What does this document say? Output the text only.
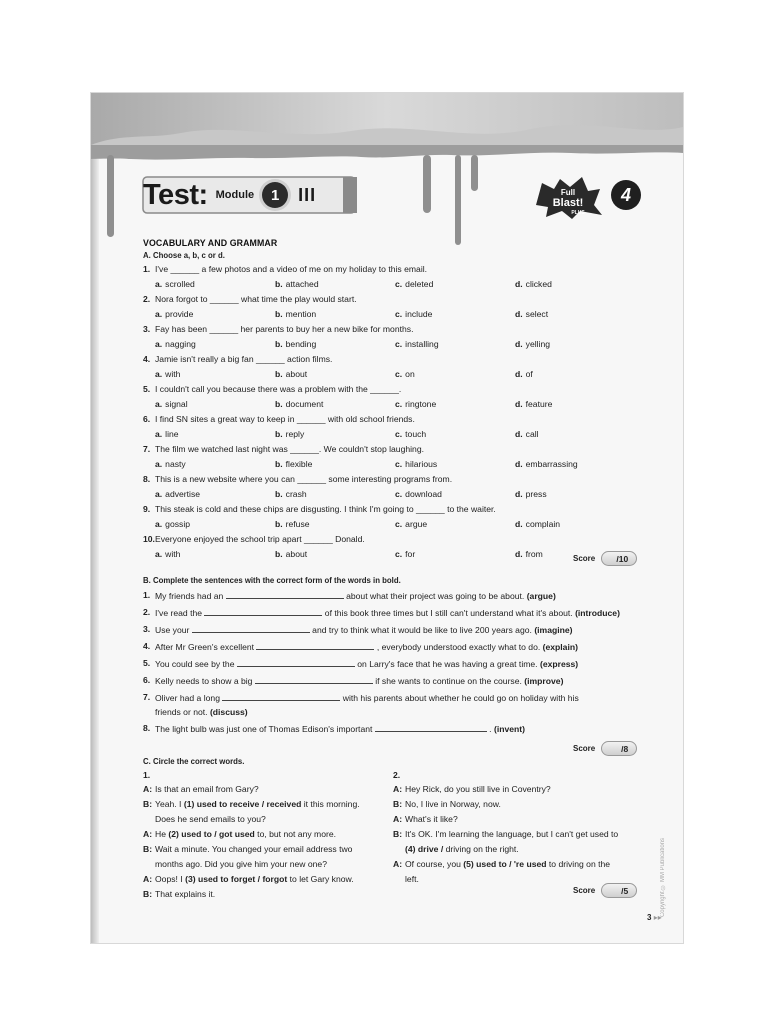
Test: Module	1	III	Full
Blast!
PLUS
4
VOCABULARY AND GRAMMAR
A. Choose a, b, c or d.
1. I've ______ a few photos and a video of me on my holiday to this email.
a. scrolled	b. attached	c. deleted	d. clicked
2. Nora forgot to ______ what time the play would start.
a. provide	b. mention	c. include	d. select
3. Fay has been ______ her parents to buy her a new bike for months.
a. nagging	b. bending	c. installing	d. yelling
4. Jamie isn't really a big fan ______ action films.
a. with	b. about	c. on	d. of
5. I couldn't call you because there was a problem with the ______.
a. signal	b. document	c. ringtone	d. feature
6. I find SN sites a great way to keep in ______ with old school friends.
a. line	b. reply	c. touch	d. call
7. The film we watched last night was ______. We couldn't stop laughing.
a. nasty	b. flexible	c. hilarious	d. embarrassing
8. This is a new website where you can ______ some interesting programs from.
a. advertise	b. crash	c. download	d. press
9. This steak is cold and these chips are disgusting. I think I'm going to ______ to the waiter.
a. gossip	b. refuse	c. argue	d. complain
10. Everyone enjoyed the school trip apart ______ Donald.
a. with	b. about	c. for	d. from
B. Complete the sentences with the correct form of the words in bold.
1. My friends had an	about what their project was going to be about. (argue)
2. I've read the	of this book three times but I still can't understand what it's about. (introduce)
3. Use your	and try to think what it would be like to live 200 years ago. (imagine)
4. After Mr Green's excellent	, everybody understood exactly what to do. (explain)
5. You could see by the	on Larry's face that he was having a great time. (express)
6. Kelly needs to show a big	if she wants to continue on the course. (improve)
7. Oliver had a long	with his parents about whether he could go on holiday with his
friends or not. (discuss)
8. The light bulb was just one of Thomas Edison's important	. (invent)
C. Circle the correct words.
1.
A: Is that an email from Gary?
B: Yeah. I (1) used to receive / received it this morning.
Does he send emails to you?
A: He (2) used to / got used to, but not any more.
B: Wait a minute. You changed your email address two
months ago. Did you give him your new one?
A: Oops! I (3) used to forget / forgot to let Gary know.
B: That explains it.
2.
A: Hey Rick, do you still live in Coventry?
B: No, I live in Norway, now.
A: What's it like?
B: It's OK. I'm learning the language, but I can't get used to
(4) drive / driving on the right.
A: Of course, you (5) used to / 're used to driving on the
left.
Score	/10
Score	/8
Score	/5	Copyright © MM Publications
3 ▸▸
